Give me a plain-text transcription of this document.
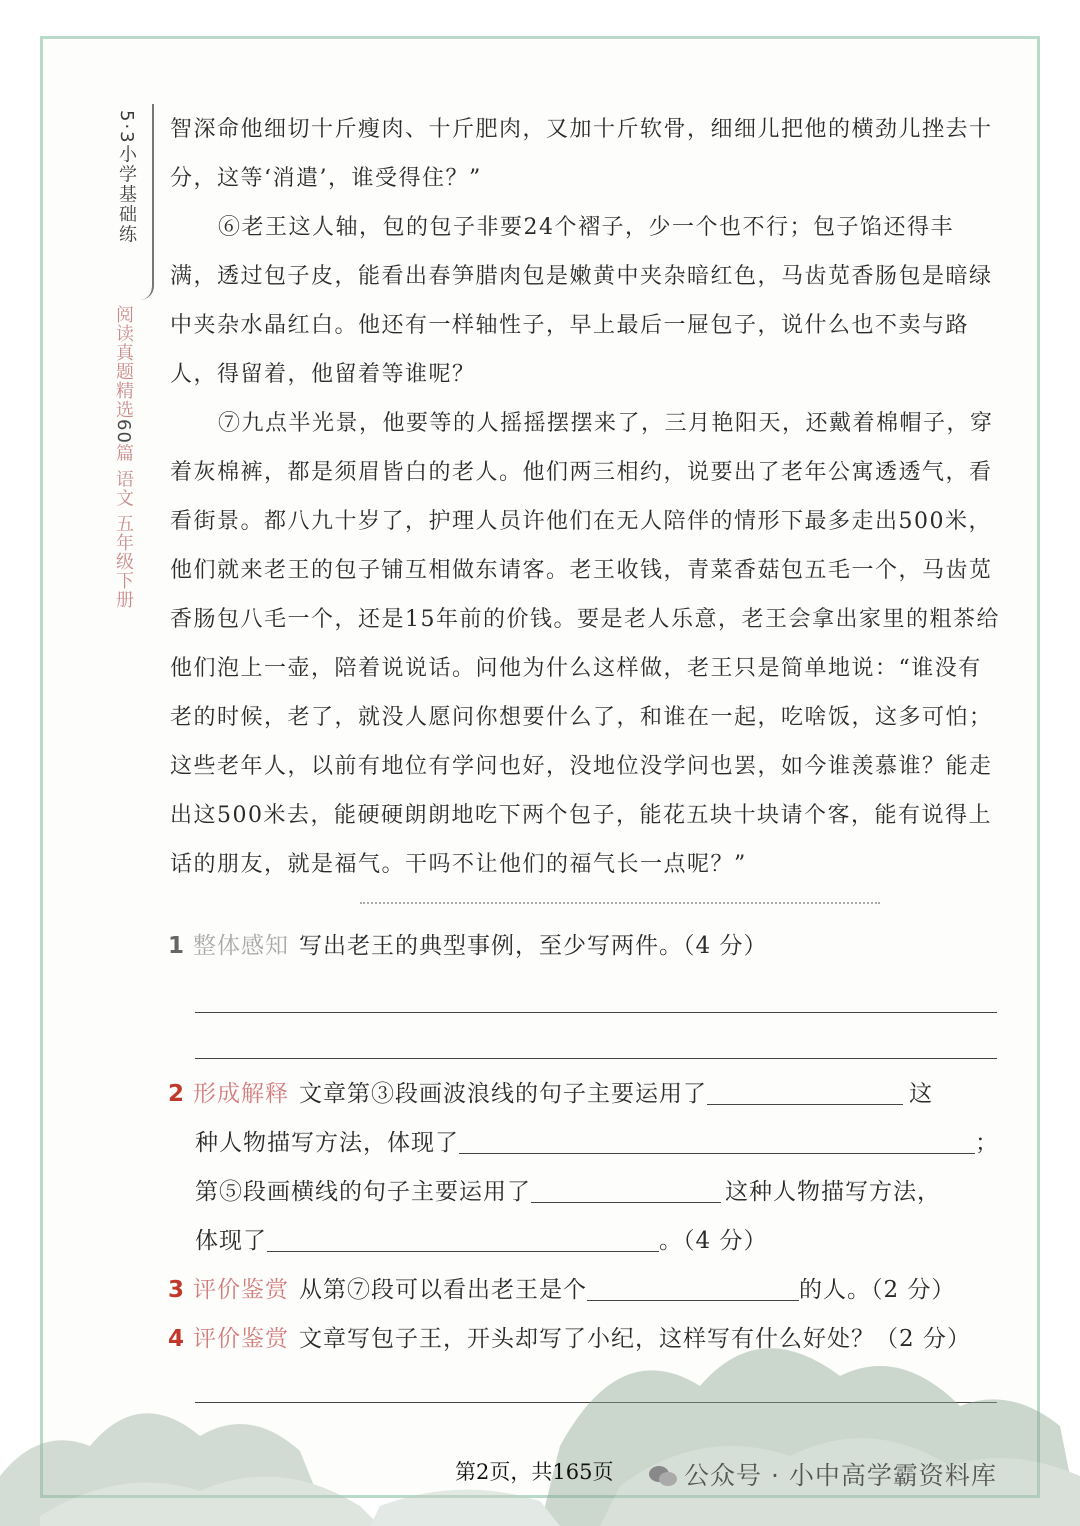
5·3小学基础练
阅读真题精选60篇 语文 五年级下册

智深命他细切十斤瘦肉、十斤肥肉，又加十斤软骨，细细儿把他的横劲儿挫去十分，这等‘消遣’，谁受得住？”

⑥老王这人轴，包的包子非要24个褶子，少一个也不行；包子馅还得丰满，透过包子皮，能看出春笋腊肉包是嫩黄中夹杂暗红色，马齿苋香肠包是暗绿中夹杂水晶红白。他还有一样轴性子，早上最后一屉包子，说什么也不卖与路人，得留着，他留着等谁呢？

⑦九点半光景，他要等的人摇摇摆摆来了，三月艳阳天，还戴着棉帽子，穿着灰棉裤，都是须眉皆白的老人。他们两三相约，说要出了老年公寓透透气，看看街景。都八九十岁了，护理人员许他们在无人陪伴的情形下最多走出500米，他们就来老王的包子铺互相做东请客。老王收钱，青菜香菇包五毛一个，马齿苋香肠包八毛一个，还是15年前的价钱。要是老人乐意，老王会拿出家里的粗茶给他们泡上一壶，陪着说说话。问他为什么这样做，老王只是简单地说：“谁没有老的时候，老了，就没人愿问你想要什么了，和谁在一起，吃啥饭，这多可怕；这些老年人，以前有地位有学问也好，没地位没学问也罢，如今谁羡慕谁？能走出这500米去，能硬硬朗朗地吃下两个包子，能花五块十块请个客，能有说得上话的朋友，就是福气。干吗不让他们的福气长一点呢？”

1 整体感知 写出老王的典型事例，至少写两件。（4 分）
2 形成解释 文章第③段画波浪线的句子主要运用了	这
种人物描写方法，体现了	；
第⑤段画横线的句子主要运用了	这种人物描写方法，
体现了	。（4 分）
3 评价鉴赏 从第⑦段可以看出老王是个	的人。（2 分）
4 评价鉴赏 文章写包子王，开头却写了小纪，这样写有什么好处？（2 分）
第2页，共165页	公众号 · 小中高学霸资料库
